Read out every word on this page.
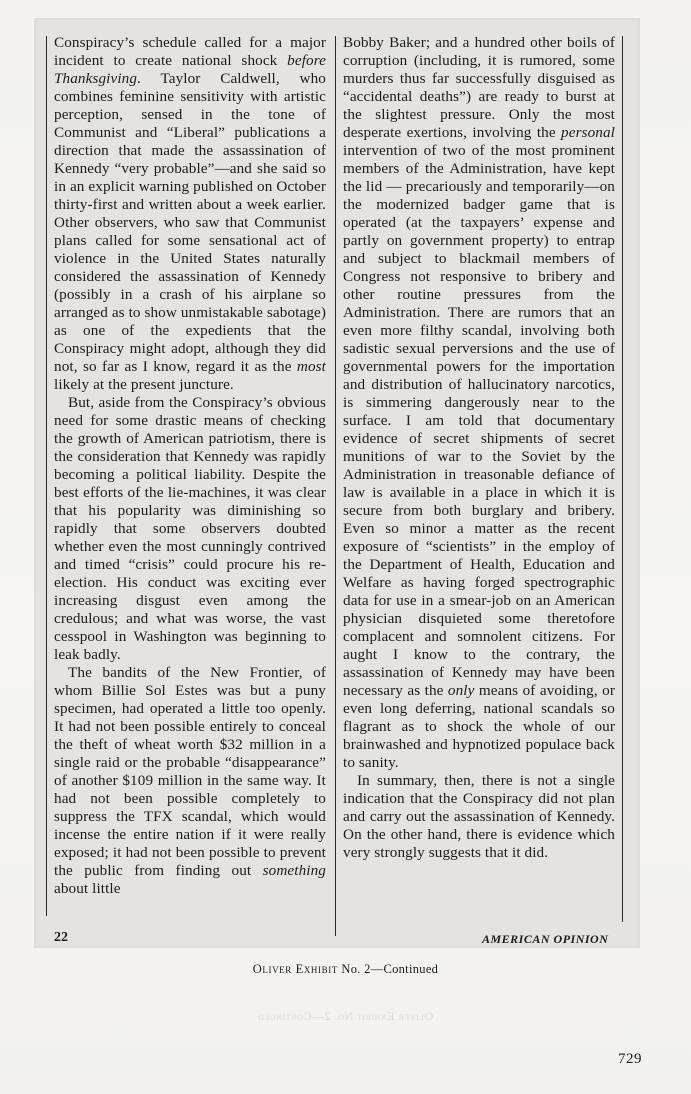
Conspiracy’s schedule called for a major incident to create national shock before Thanksgiving. Taylor Caldwell, who combines feminine sensitivity with artistic perception, sensed in the tone of Communist and “Liberal” publications a direction that made the assassination of Kennedy “very probable”—and she said so in an explicit warning published on October thirty-first and written about a week earlier. Other observers, who saw that Communist plans called for some sensational act of violence in the United States naturally considered the assassination of Kennedy (possibly in a crash of his airplane so arranged as to show unmistakable sabotage) as one of the expedients that the Conspiracy might adopt, although they did not, so far as I know, regard it as the most likely at the present juncture.

But, aside from the Conspiracy’s obvious need for some drastic means of checking the growth of American patriotism, there is the consideration that Kennedy was rapidly becoming a political liability. Despite the best efforts of the lie-machines, it was clear that his popularity was diminishing so rapidly that some observers doubted whether even the most cunningly contrived and timed “crisis” could procure his re-election. His conduct was exciting ever increasing disgust even among the credulous; and what was worse, the vast cesspool in Washington was beginning to leak badly.

The bandits of the New Frontier, of whom Billie Sol Estes was but a puny specimen, had operated a little too openly. It had not been possible entirely to conceal the theft of wheat worth $32 million in a single raid or the probable “disappearance” of another $109 million in the same way. It had not been possible completely to suppress the TFX scandal, which would incense the entire nation if it were really exposed; it had not been possible to prevent the public from finding out something about little

Bobby Baker; and a hundred other boils of corruption (including, it is rumored, some murders thus far successfully disguised as “accidental deaths”) are ready to burst at the slightest pressure. Only the most desperate exertions, involving the personal intervention of two of the most prominent members of the Administration, have kept the lid — precariously and temporarily—on the modernized badger game that is operated (at the taxpayers’ expense and partly on government property) to entrap and subject to blackmail members of Congress not responsive to bribery and other routine pressures from the Administration. There are rumors that an even more filthy scandal, involving both sadistic sexual perversions and the use of governmental powers for the importation and distribution of hallucinatory narcotics, is simmering dangerously near to the surface. I am told that documentary evidence of secret shipments of secret munitions of war to the Soviet by the Administration in treasonable defiance of law is available in a place in which it is secure from both burglary and bribery. Even so minor a matter as the recent exposure of “scientists” in the employ of the Department of Health, Education and Welfare as having forged spectrographic data for use in a smear-job on an American physician disquieted some theretofore complacent and somnolent citizens. For aught I know to the contrary, the assassination of Kennedy may have been necessary as the only means of avoiding, or even long deferring, national scandals so flagrant as to shock the whole of our brainwashed and hypnotized populace back to sanity.

In summary, then, there is not a single indication that the Conspiracy did not plan and carry out the assassination of Kennedy. On the other hand, there is evidence which very strongly suggests that it did.

22	AMERICAN OPINION
Oliver Exhibit No. 2—Continued
Oliver Exhibit No. 2—Continued
729
